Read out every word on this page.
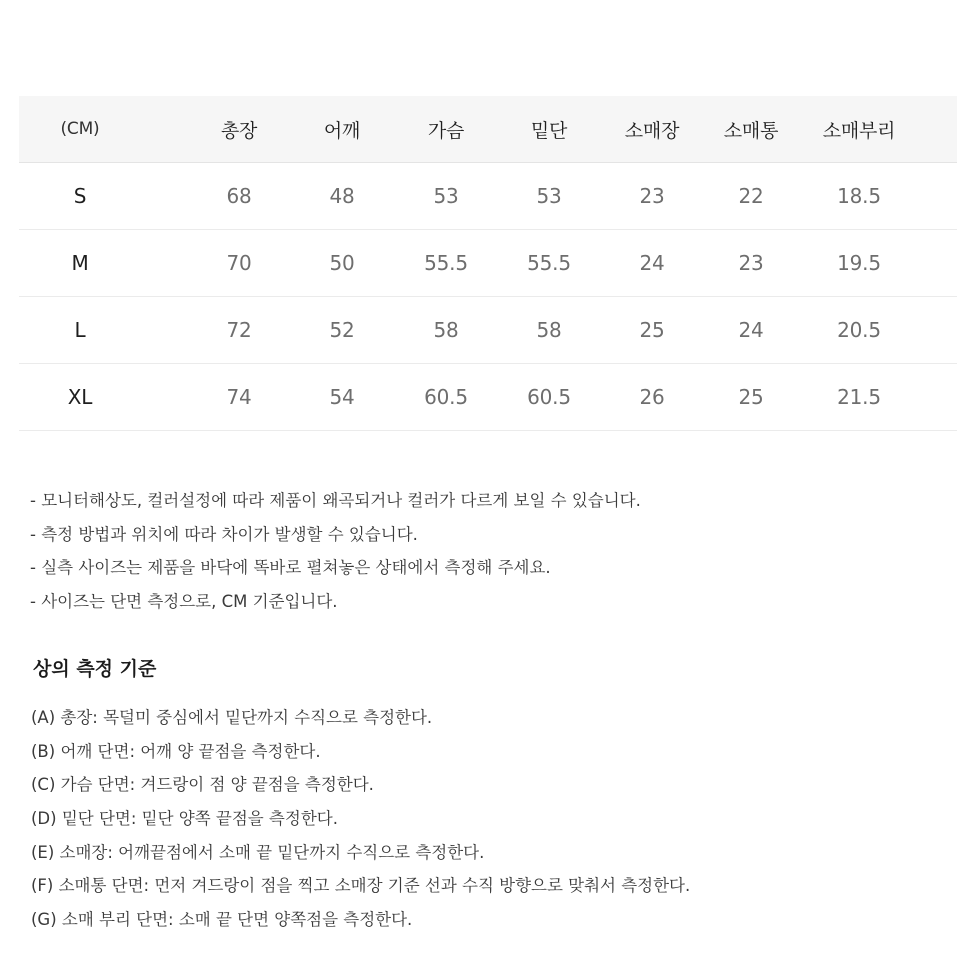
(CM)	총장	어깨	가슴	밑단	소매장	소매통	소매부리
S	68	48	53	53	23	22	18.5
M	70	50	55.5	55.5	24	23	19.5
L	72	52	58	58	25	24	20.5
XL	74	54	60.5	60.5	26	25	21.5
- 모니터해상도, 컬러설정에 따라 제품이 왜곡되거나 컬러가 다르게 보일 수 있습니다.
- 측정 방법과 위치에 따라 차이가 발생할 수 있습니다.
- 실측 사이즈는 제품을 바닥에 똑바로 펼쳐놓은 상태에서 측정해 주세요.
- 사이즈는 단면 측정으로, CM 기준입니다.
상의 측정 기준
(A) 총장: 목덜미 중심에서 밑단까지 수직으로 측정한다.
(B) 어깨 단면: 어깨 양 끝점을 측정한다.
(C) 가슴 단면: 겨드랑이 점 양 끝점을 측정한다.
(D) 밑단 단면: 밑단 양쪽 끝점을 측정한다.
(E) 소매장: 어깨끝점에서 소매 끝 밑단까지 수직으로 측정한다.
(F) 소매통 단면: 먼저 겨드랑이 점을 찍고 소매장 기준 선과 수직 방향으로 맞춰서 측정한다.
(G) 소매 부리 단면: 소매 끝 단면 양쪽점을 측정한다.
